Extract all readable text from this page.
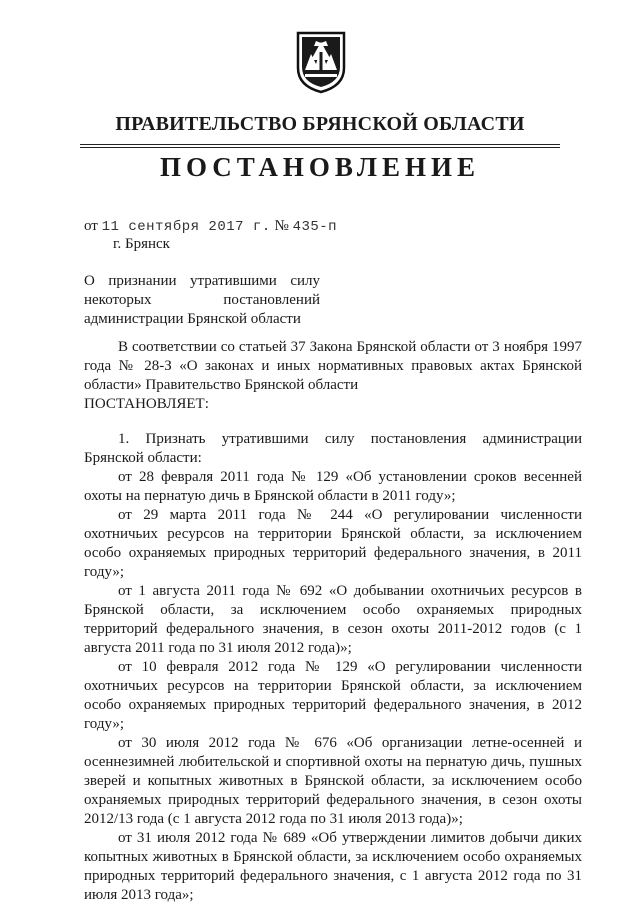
ПРАВИТЕЛЬСТВО БРЯНСКОЙ ОБЛАСТИ
ПОСТАНОВЛЕНИЕ
от 11 сентября 2017 г. № 435-п
г. Брянск
О признании утратившими силу некоторых постановлений администрации Брянской области

В соответствии со статьей 37 Закона Брянской области от 3 ноября 1997 года № 28-З «О законах и иных нормативных правовых актах Брянской области» Правительство Брянской области

ПОСТАНОВЛЯЕТ:

1. Признать утратившими силу постановления администрации Брянской области:

от 28 февраля 2011 года № 129 «Об установлении сроков весенней охоты на пернатую дичь в Брянской области в 2011 году»;

от 29 марта 2011 года № 244 «О регулировании численности охотничьих ресурсов на территории Брянской области, за исключением особо охраняемых природных территорий федерального значения, в 2011 году»;

от 1 августа 2011 года № 692 «О добывании охотничьих ресурсов в Брянской области, за исключением особо охраняемых природных территорий федерального значения, в сезон охоты 2011-2012 годов (с 1 августа 2011 года по 31 июля 2012 года)»;

от 10 февраля 2012 года № 129 «О регулировании численности охотничьих ресурсов на территории Брянской области, за исключением особо охраняемых природных территорий федерального значения, в 2012 году»;

от 30 июля 2012 года № 676 «Об организации летне-осенней и осеннезимней любительской и спортивной охоты на пернатую дичь, пушных зверей и копытных животных в Брянской области, за исключением особо охраняемых природных территорий федерального значения, в сезон охоты 2012/13 года (с 1 августа 2012 года по 31 июля 2013 года)»;

от 31 июля 2012 года № 689 «Об утверждении лимитов добычи диких копытных животных в Брянской области, за исключением особо охраняемых природных территорий федерального значения, с 1 августа 2012 года по 31 июля 2013 года»;
